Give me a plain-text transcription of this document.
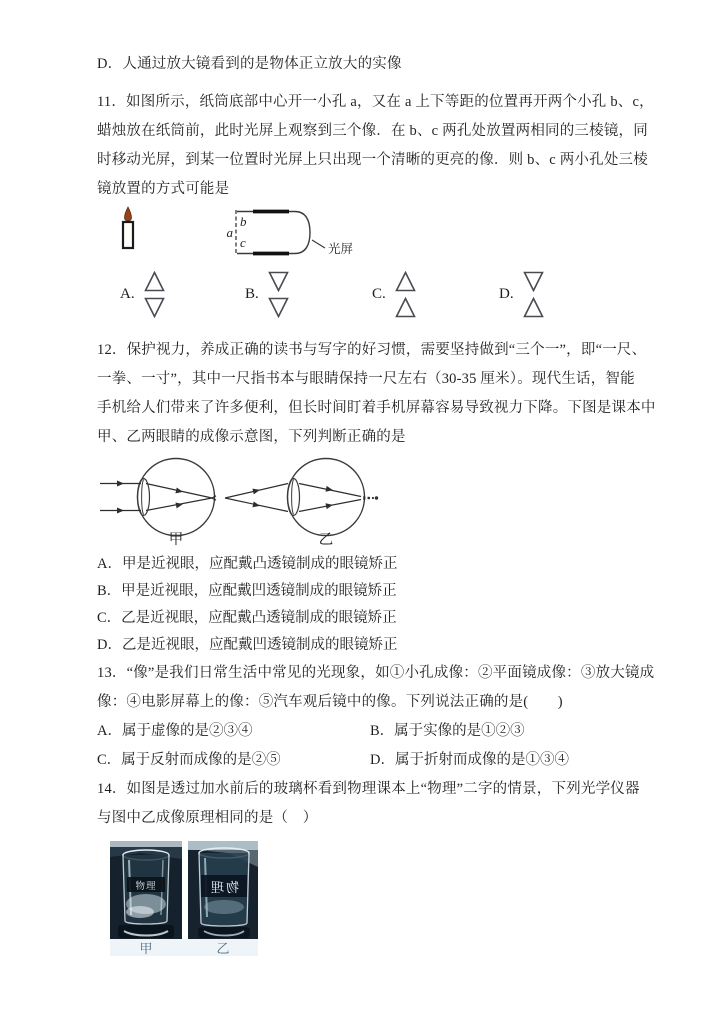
D．人通过放大镜看到的是物体正立放大的实像
11．如图所示，纸筒底部中心开一小孔 a，又在 a 上下等距的位置再开两个小孔 b、c，
蜡烛放在纸筒前，此时光屏上观察到三个像．在 b、c 两孔处放置两相同的三棱镜，同
时移动光屏，到某一位置时光屏上只出现一个清晰的更亮的像．则 b、c 两小孔处三棱
镜放置的方式可能是
a
b
c	光屏
A.	B.	C.	D.
12．保护视力，养成正确的读书与写字的好习惯，需要坚持做到“三个一”，即“一尺、
一拳、一寸”，其中一尺指书本与眼睛保持一尺左右（30-35 厘米）。现代生话，智能
手机给人们带来了许多便利，但长时间盯着手机屏幕容易导致视力下降。下图是课本中
甲、乙两眼睛的成像示意图，下列判断正确的是
甲	乙
A．甲是近视眼，应配戴凸透镜制成的眼镜矫正
B．甲是近视眼，应配戴凹透镜制成的眼镜矫正
C．乙是近视眼，应配戴凸透镜制成的眼镜矫正
D．乙是近视眼，应配戴凹透镜制成的眼镜矫正
13．“像”是我们日常生活中常见的光现象，如①小孔成像：②平面镜成像：③放大镜成
像：④电影屏幕上的像：⑤汽车观后镜中的像。下列说法正确的是(　　)
A．属于虚像的是②③④	B．属于实像的是①②③
C．属于反射而成像的是②⑤	D．属于折射而成像的是①③④
14．如图是透过加水前后的玻璃杯看到物理课本上“物理”二字的情景，下列光学仪器
与图中乙成像原理相同的是（　）
物理	物理
甲	乙
